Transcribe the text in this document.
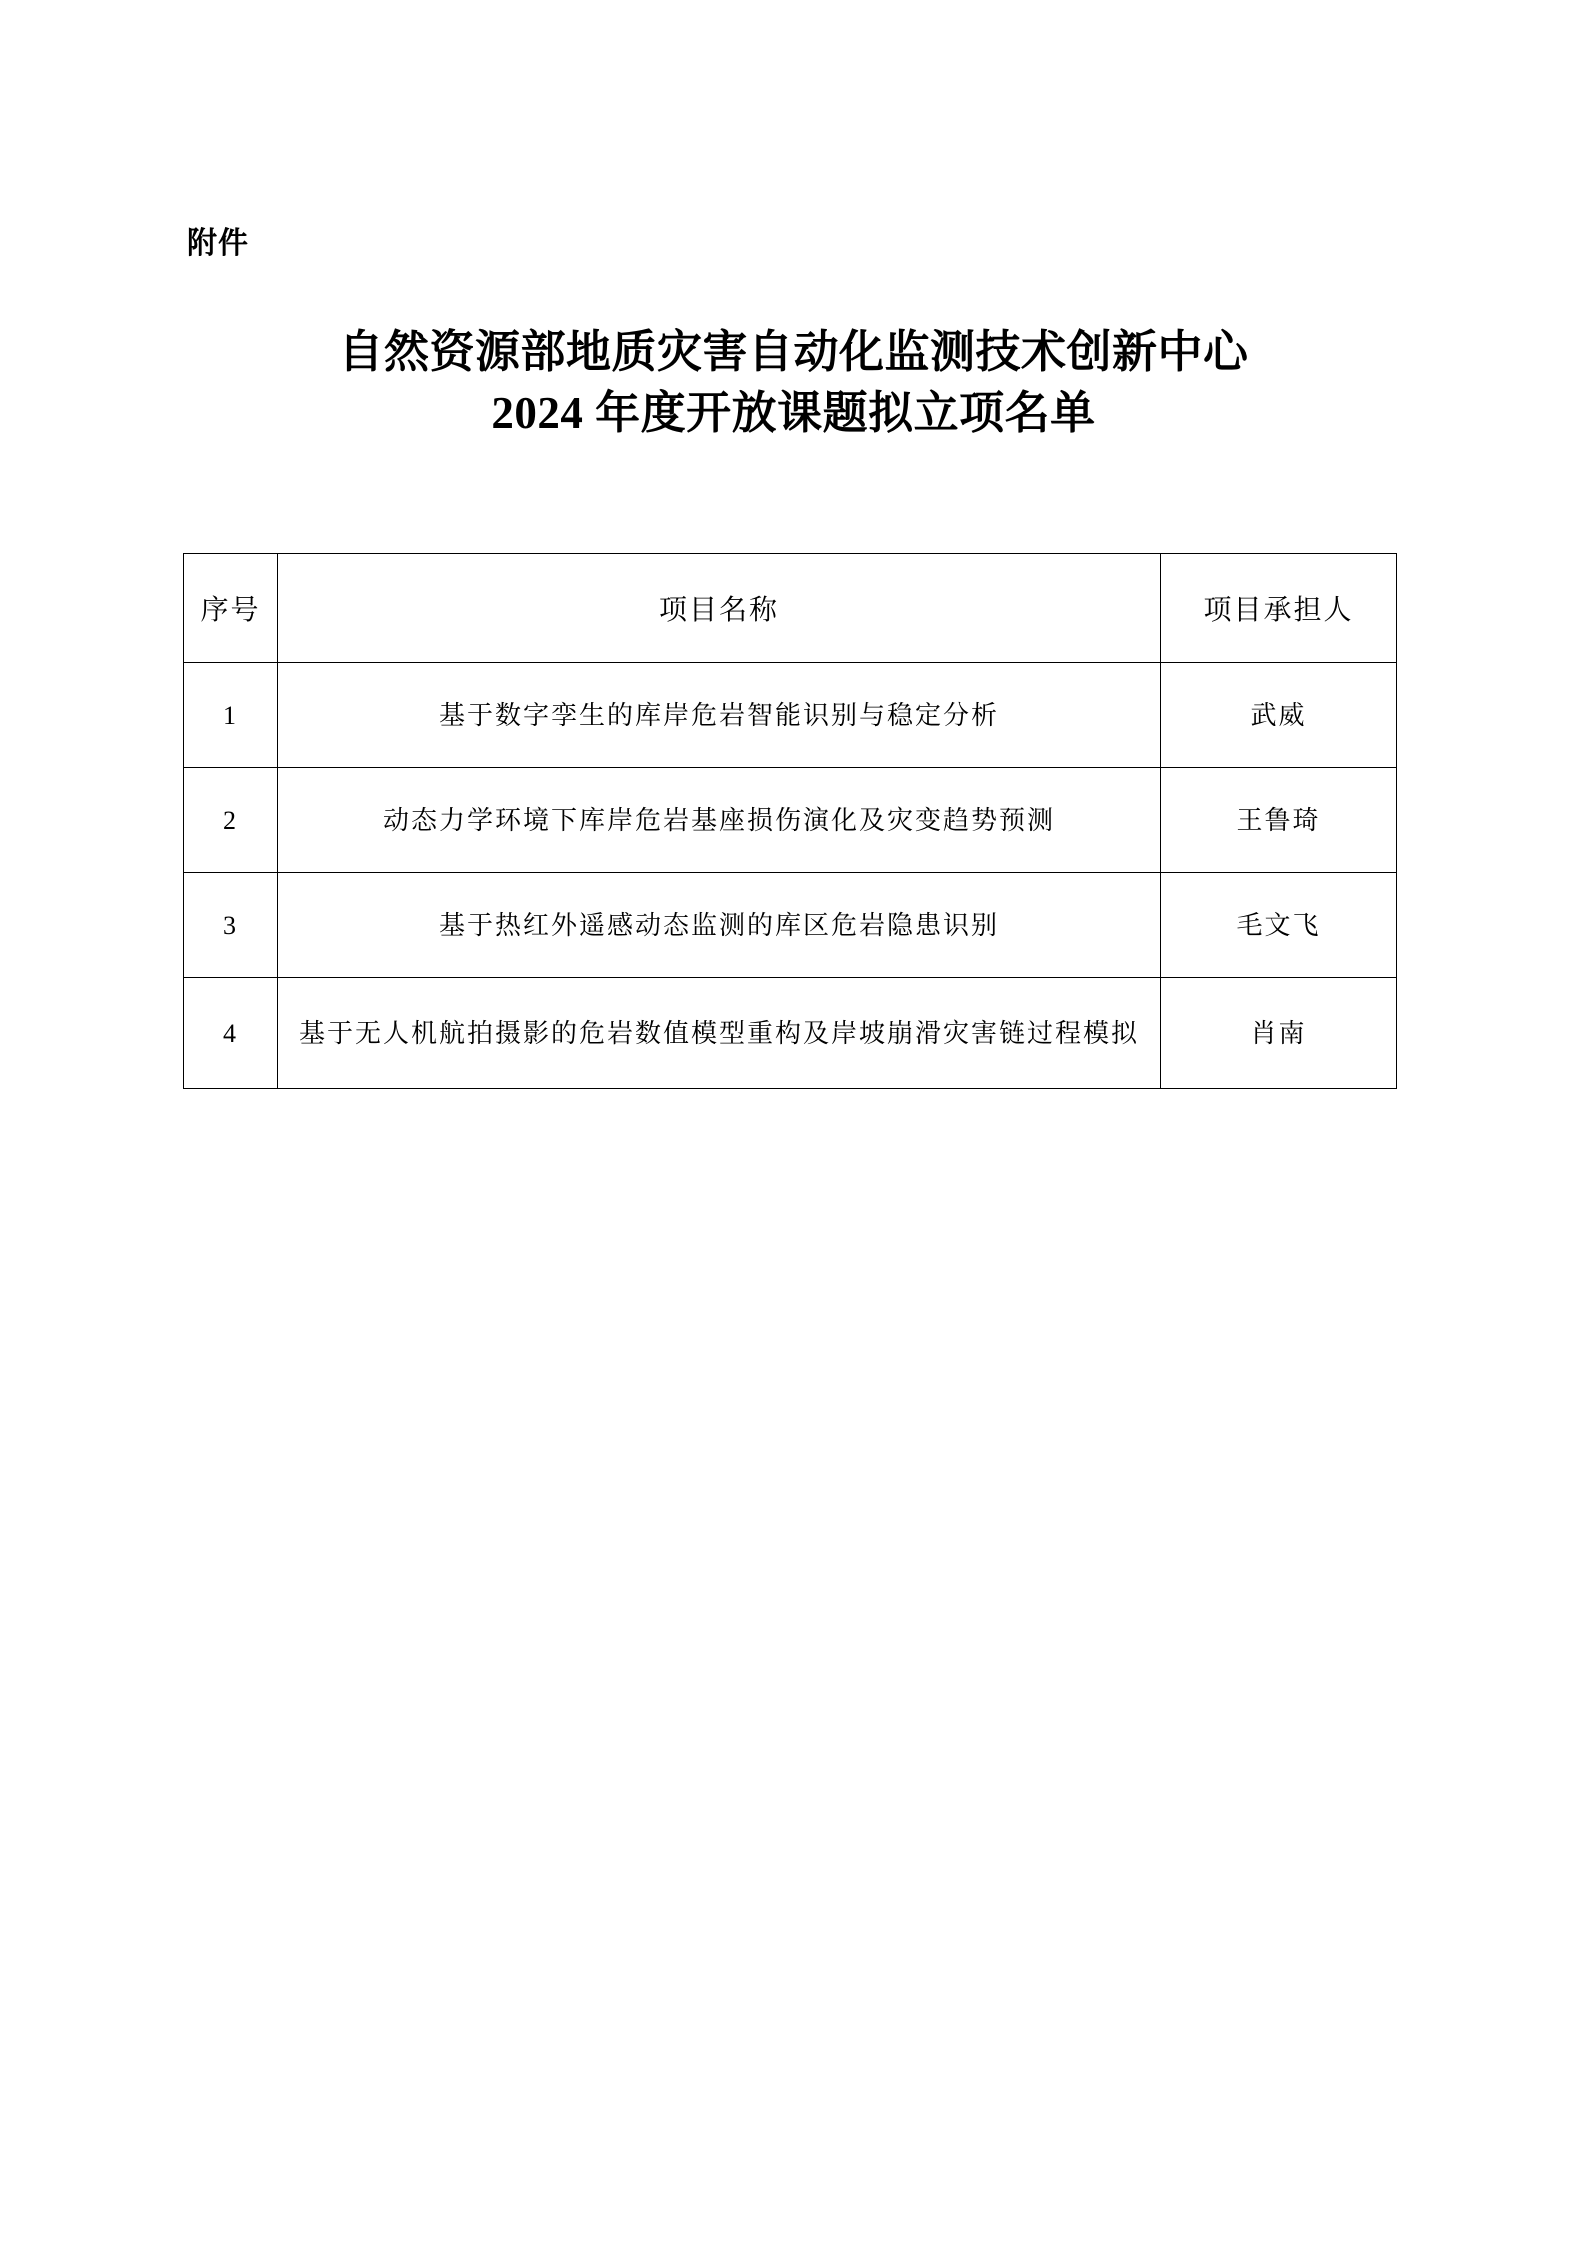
附件
自然资源部地质灾害自动化监测技术创新中心
2024 年度开放课题拟立项名单
序号	项目名称	项目承担人
1	基于数字孪生的库岸危岩智能识别与稳定分析	武威
2	动态力学环境下库岸危岩基座损伤演化及灾变趋势预测	王鲁琦
3	基于热红外遥感动态监测的库区危岩隐患识别	毛文飞
4	基于无人机航拍摄影的危岩数值模型重构及岸坡崩滑灾害链过程模拟	肖南
